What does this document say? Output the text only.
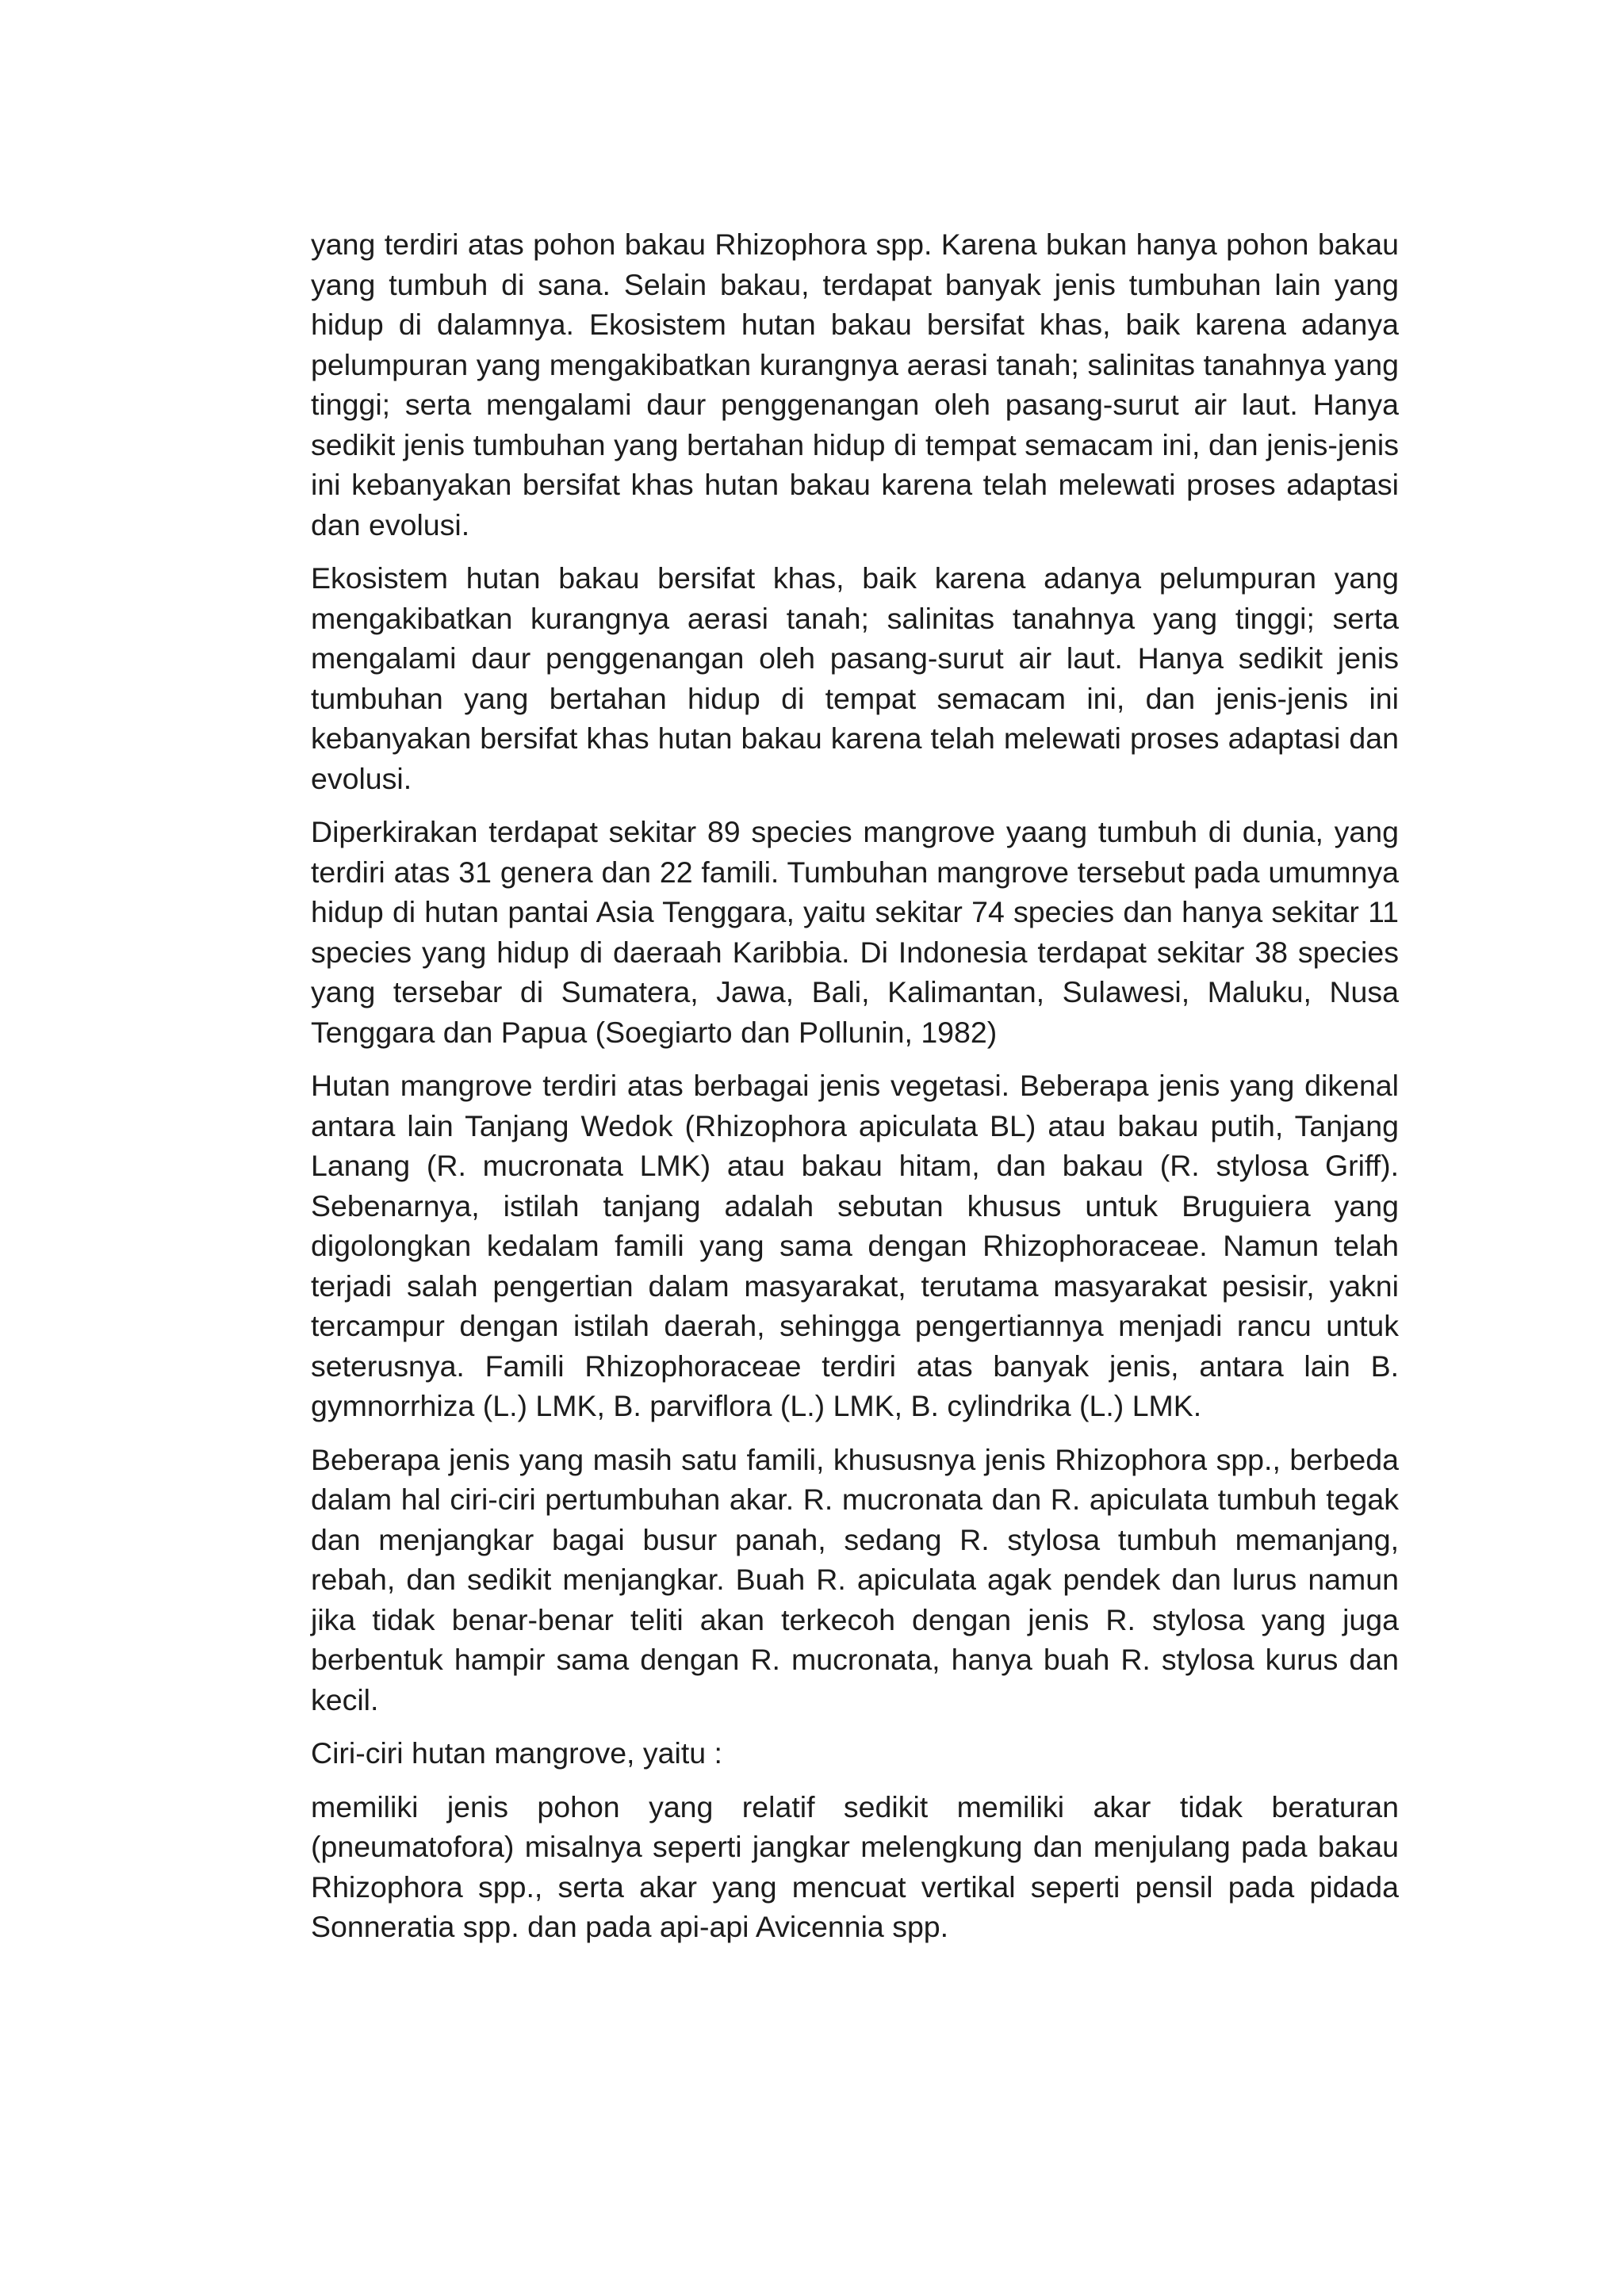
yang terdiri atas pohon bakau Rhizophora spp. Karena bukan hanya pohon bakau yang tumbuh di sana. Selain bakau, terdapat banyak jenis tumbuhan lain yang hidup di dalamnya. Ekosistem hutan bakau bersifat khas, baik karena adanya pelumpuran yang mengakibatkan kurangnya aerasi tanah; salinitas tanahnya yang tinggi; serta mengalami daur penggenangan oleh pasang-surut air laut. Hanya sedikit jenis tumbuhan yang bertahan hidup di tempat semacam ini, dan jenis-jenis ini kebanyakan bersifat khas hutan bakau karena telah melewati proses adaptasi dan evolusi.

Ekosistem hutan bakau bersifat khas, baik karena adanya pelumpuran yang mengakibatkan kurangnya aerasi tanah; salinitas tanahnya yang tinggi; serta mengalami daur penggenangan oleh pasang-surut air laut. Hanya sedikit jenis tumbuhan yang bertahan hidup di tempat semacam ini, dan jenis-jenis ini kebanyakan bersifat khas hutan bakau karena telah melewati proses adaptasi dan evolusi.

Diperkirakan terdapat sekitar 89 species mangrove yaang tumbuh di dunia, yang terdiri atas 31 genera dan 22 famili. Tumbuhan mangrove tersebut pada umumnya hidup di hutan pantai Asia Tenggara, yaitu sekitar 74 species dan hanya sekitar 11 species yang hidup di daeraah Karibbia. Di Indonesia terdapat sekitar 38 species yang tersebar di Sumatera, Jawa, Bali, Kalimantan, Sulawesi, Maluku, Nusa Tenggara dan Papua (Soegiarto dan Pollunin, 1982)

Hutan mangrove terdiri atas berbagai jenis vegetasi. Beberapa jenis yang dikenal antara lain Tanjang Wedok (Rhizophora apiculata BL) atau bakau putih, Tanjang Lanang (R. mucronata LMK) atau bakau hitam, dan bakau (R. stylosa Griff). Sebenarnya, istilah tanjang adalah sebutan khusus untuk Bruguiera yang digolongkan kedalam famili yang sama dengan Rhizophoraceae. Namun telah terjadi salah pengertian dalam masyarakat, terutama masyarakat pesisir, yakni tercampur dengan istilah daerah, sehingga pengertiannya menjadi rancu untuk seterusnya. Famili Rhizophoraceae terdiri atas banyak jenis, antara lain B. gymnorrhiza (L.) LMK, B. parviflora (L.) LMK, B. cylindrika (L.) LMK.

Beberapa jenis yang masih satu famili, khususnya jenis Rhizophora spp., berbeda dalam hal ciri-ciri pertumbuhan akar. R. mucronata dan R. apiculata tumbuh tegak dan menjangkar bagai busur panah, sedang R. stylosa tumbuh memanjang, rebah, dan sedikit menjangkar. Buah R. apiculata agak pendek dan lurus namun jika tidak benar-benar teliti akan terkecoh dengan jenis R. stylosa yang juga berbentuk hampir sama dengan R. mucronata, hanya buah R. stylosa kurus dan kecil.

Ciri-ciri hutan mangrove, yaitu :

memiliki jenis pohon yang relatif sedikit memiliki akar tidak beraturan (pneumatofora) misalnya seperti jangkar melengkung dan menjulang pada bakau Rhizophora spp., serta akar yang mencuat vertikal seperti pensil pada pidada Sonneratia spp. dan pada api-api Avicennia spp.
